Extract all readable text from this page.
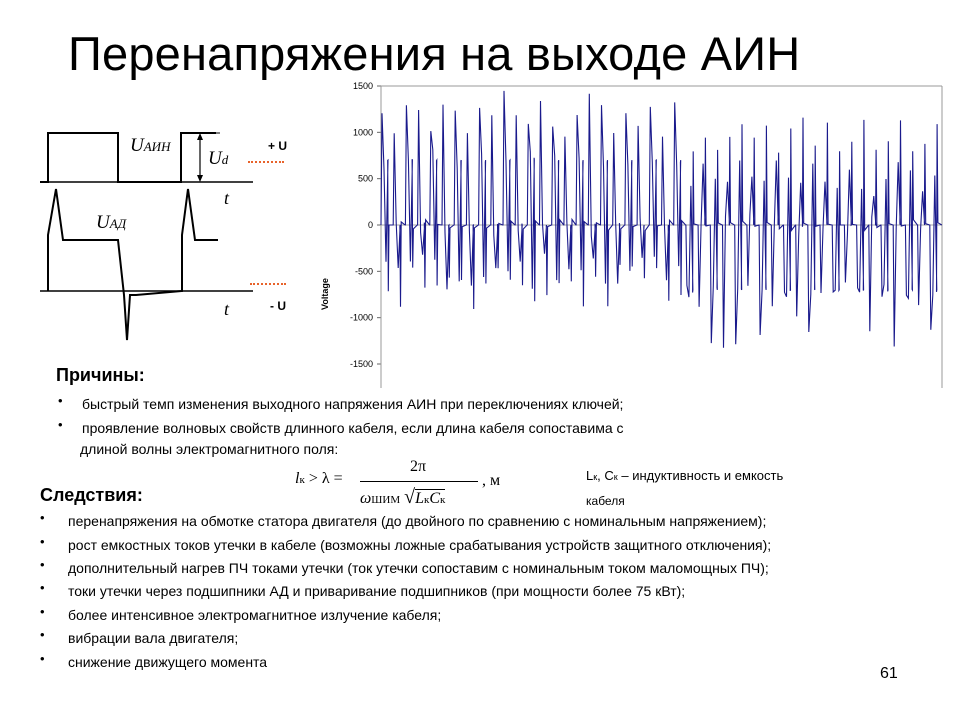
Перенапряжения на выходе АИН
UАИН
Ud
t
UАД
t
+ U
- U
1500
1000
500
0
-500
-1000
-1500
Voltage
Причины:
• быстрый темп изменения выходного напряжения АИН при переключениях ключей;
• проявление волновых свойств длинного кабеля, если длина кабеля сопоставима с
длиной волны электромагнитного поля:
lк > λ =
2π
ωШИМ √LкCк
, м	Lк, Cк – индуктивность и емкость
кабеля
Следствия:
• перенапряжения на обмотке статора двигателя (до двойного по сравнению с номинальным напряжением);
• рост емкостных токов утечки в кабеле (возможны ложные срабатывания устройств защитного отключения);
• дополнительный нагрев ПЧ токами утечки (ток утечки сопоставим с номинальным током маломощных ПЧ);
• токи утечки через подшипники АД и приваривание подшипников (при мощности более 75 кВт);
• более интенсивное электромагнитное излучение кабеля;
• вибрации вала двигателя;
• снижение движущего момента
61
